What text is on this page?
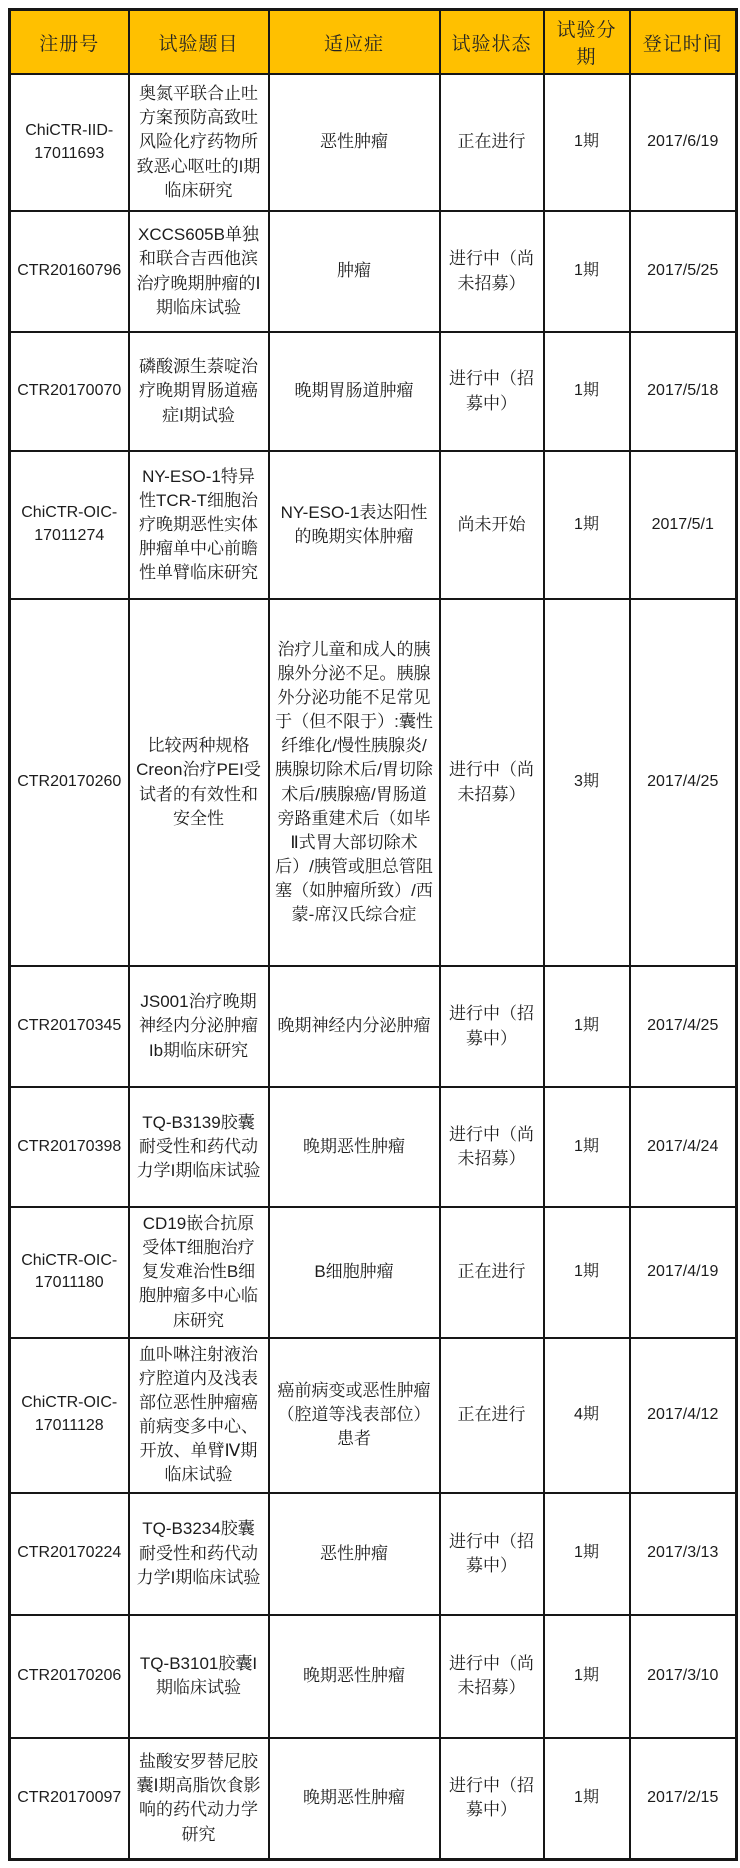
注册号	试验题目	适应症	试验状态	试验分期	登记时间
ChiCTR-IID-17011693	奥氮平联合止吐方案预防高致吐风险化疗药物所致恶心呕吐的I期临床研究	恶性肿瘤	正在进行	1期	2017/6/19
CTR20160796	XCCS605B单独和联合吉西他滨治疗晚期肿瘤的Ⅰ期临床试验	肿瘤	进行中（尚未招募）	1期	2017/5/25
CTR20170070	磷酸源生萘啶治疗晚期胃肠道癌症I期试验	晚期胃肠道肿瘤	进行中（招募中）	1期	2017/5/18
ChiCTR-OIC-17011274	NY-ESO-1特异性TCR-T细胞治疗晚期恶性实体肿瘤单中心前瞻性单臂临床研究	NY-ESO-1表达阳性的晚期实体肿瘤	尚未开始	1期	2017/5/1
CTR20170260	比较两种规格Creon治疗PEI受试者的有效性和安全性	治疗儿童和成人的胰腺外分泌不足。胰腺外分泌功能不足常见于（但不限于）:囊性纤维化/慢性胰腺炎/胰腺切除术后/胃切除术后/胰腺癌/胃肠道旁路重建术后（如毕Ⅱ式胃大部切除术后）/胰管或胆总管阻塞（如肿瘤所致）/西蒙-席汉氏综合症	进行中（尚未招募）	3期	2017/4/25
CTR20170345	JS001治疗晚期神经内分泌肿瘤Ib期临床研究	晚期神经内分泌肿瘤	进行中（招募中）	1期	2017/4/25
CTR20170398	TQ-B3139胶囊耐受性和药代动力学I期临床试验	晚期恶性肿瘤	进行中（尚未招募）	1期	2017/4/24
ChiCTR-OIC-17011180	CD19嵌合抗原受体T细胞治疗复发难治性B细胞肿瘤多中心临床研究	B细胞肿瘤	正在进行	1期	2017/4/19
ChiCTR-OIC-17011128	血卟啉注射液治疗腔道内及浅表部位恶性肿瘤癌前病变多中心、开放、单臂Ⅳ期临床试验	癌前病变或恶性肿瘤（腔道等浅表部位）患者	正在进行	4期	2017/4/12
CTR20170224	TQ-B3234胶囊耐受性和药代动力学I期临床试验	恶性肿瘤	进行中（招募中）	1期	2017/3/13
CTR20170206	TQ-B3101胶囊I期临床试验	晚期恶性肿瘤	进行中（尚未招募）	1期	2017/3/10
CTR20170097	盐酸安罗替尼胶囊Ⅰ期高脂饮食影响的药代动力学研究	晚期恶性肿瘤	进行中（招募中）	1期	2017/2/15
